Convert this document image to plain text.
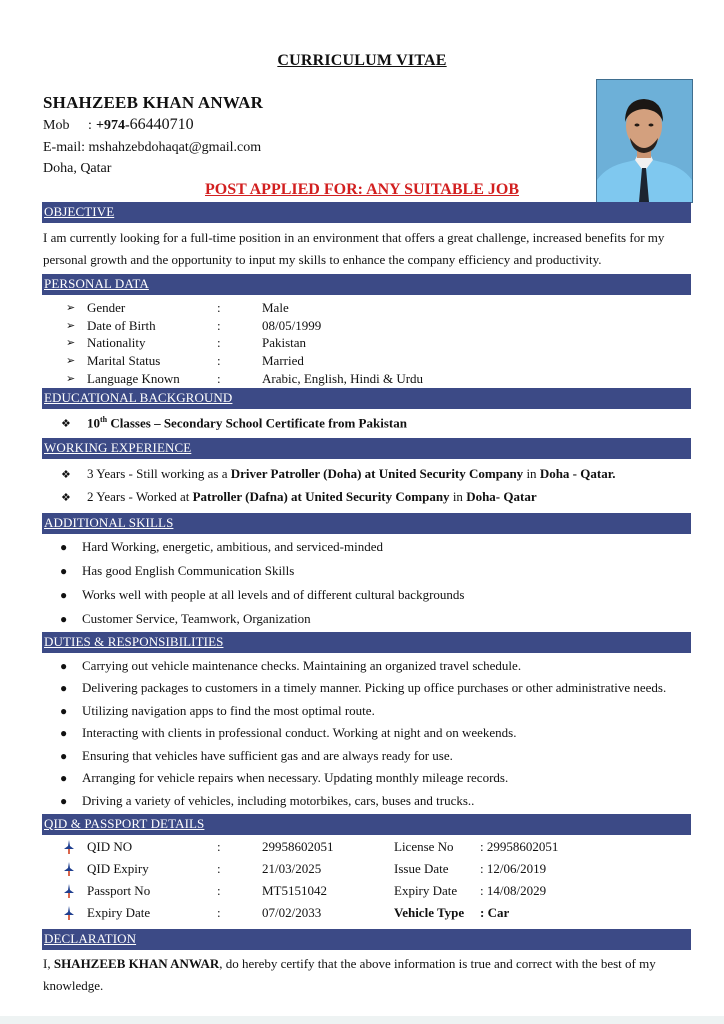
CURRICULUM VITAE
SHAHZEEB KHAN ANWAR
Mob : +974-66440710
E-mail: mshahzebdohaqat@gmail.com
Doha, Qatar
POST APPLIED FOR: ANY SUITABLE JOB
OBJECTIVE
I am currently looking for a full-time position in an environment that offers a great challenge, increased benefits for my personal growth and the opportunity to input my skills to enhance the company efficiency and productivity.
PERSONAL DATA
➢ Gender	:	Male
➢ Date of Birth	:	08/05/1999
➢ Nationality	:	Pakistan
➢ Marital Status	:	Married
➢ Language Known	:	Arabic, English, Hindi & Urdu
EDUCATIONAL BACKGROUND
❖ 10th Classes – Secondary School Certificate from Pakistan
WORKING EXPERIENCE
❖ 3 Years - Still working as a Driver Patroller (Doha) at United Security Company in Doha - Qatar.
❖ 2 Years - Worked at Patroller (Dafna) at United Security Company in Doha- Qatar
ADDITIONAL SKILLS
● Hard Working, energetic, ambitious, and serviced-minded
● Has good English Communication Skills
● Works well with people at all levels and of different cultural backgrounds
● Customer Service, Teamwork, Organization
DUTIES & RESPONSIBILITIES
● Carrying out vehicle maintenance checks. Maintaining an organized travel schedule.
● Delivering packages to customers in a timely manner. Picking up office purchases or other administrative needs.
● Utilizing navigation apps to find the most optimal route.
● Interacting with clients in professional conduct. Working at night and on weekends.
● Ensuring that vehicles have sufficient gas and are always ready for use.
● Arranging for vehicle repairs when necessary. Updating monthly mileage records.
● Driving a variety of vehicles, including motorbikes, cars, buses and trucks..
QID & PASSPORT DETAILS
QID NO	:	29958602051	License No : 29958602051
QID Expiry	:	21/03/2025	Issue Date : 12/06/2019
Passport No	:	MT5151042	Expiry Date : 14/08/2029
Expiry Date	:	07/02/2033	Vehicle Type : Car
DECLARATION
I, SHAHZEEB KHAN ANWAR, do hereby certify that the above information is true and correct with the best of my knowledge.
